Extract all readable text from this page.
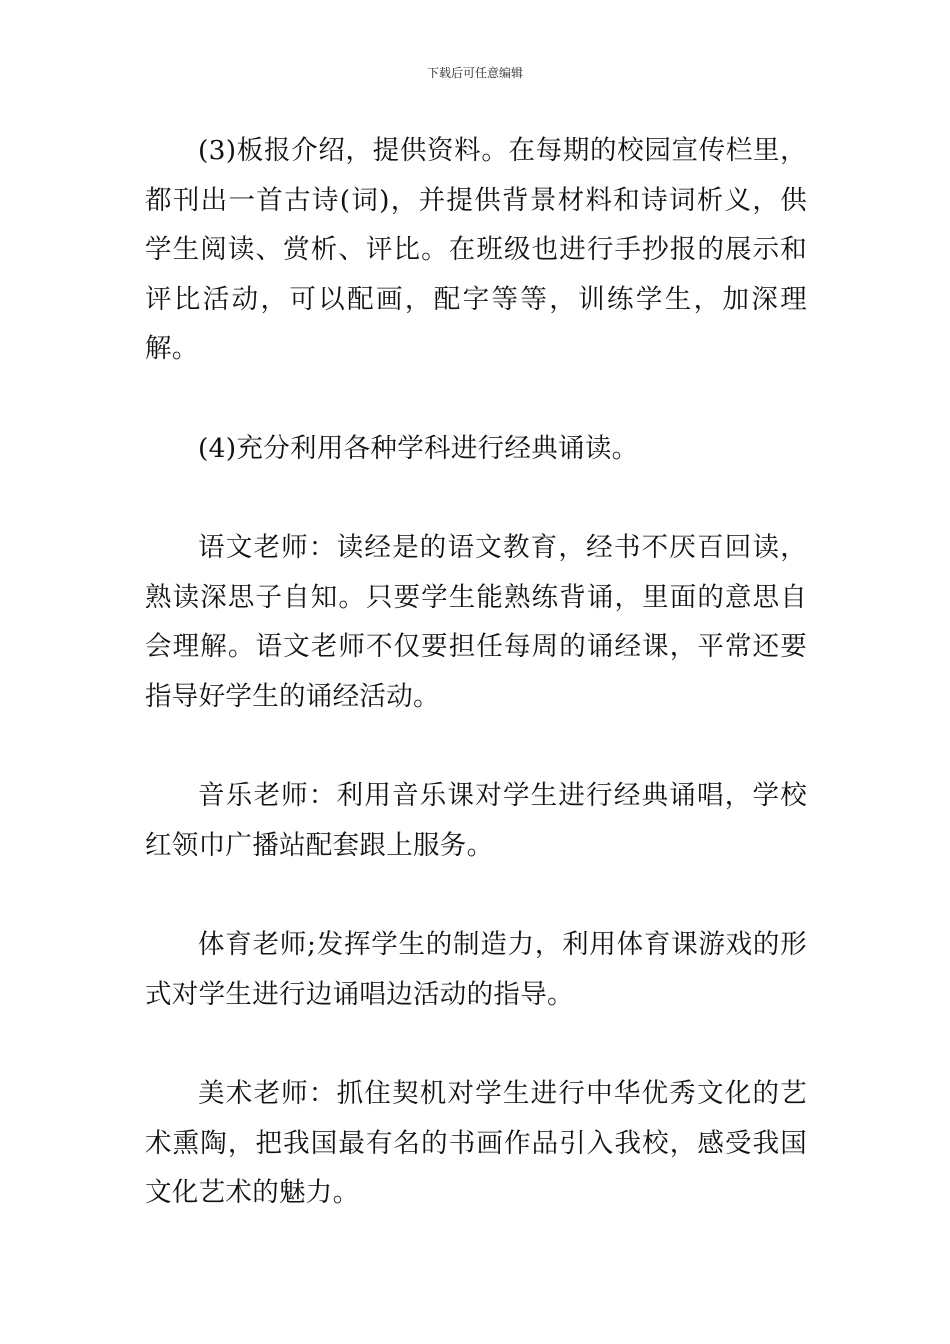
下载后可任意编辑

(3)板报介绍，提供资料。在每期的校园宣传栏里，都刊出一首古诗(词)，并提供背景材料和诗词析义，供学生阅读、赏析、评比。在班级也进行手抄报的展示和评比活动，可以配画，配字等等，训练学生，加深理解。

(4)充分利用各种学科进行经典诵读。

语文老师：读经是的语文教育，经书不厌百回读，熟读深思子自知。只要学生能熟练背诵，里面的意思自会理解。语文老师不仅要担任每周的诵经课，平常还要指导好学生的诵经活动。

音乐老师：利用音乐课对学生进行经典诵唱，学校红领巾广播站配套跟上服务。

体育老师;发挥学生的制造力，利用体育课游戏的形式对学生进行边诵唱边活动的指导。

美术老师：抓住契机对学生进行中华优秀文化的艺术熏陶，把我国最有名的书画作品引入我校，感受我国文化艺术的魅力。
